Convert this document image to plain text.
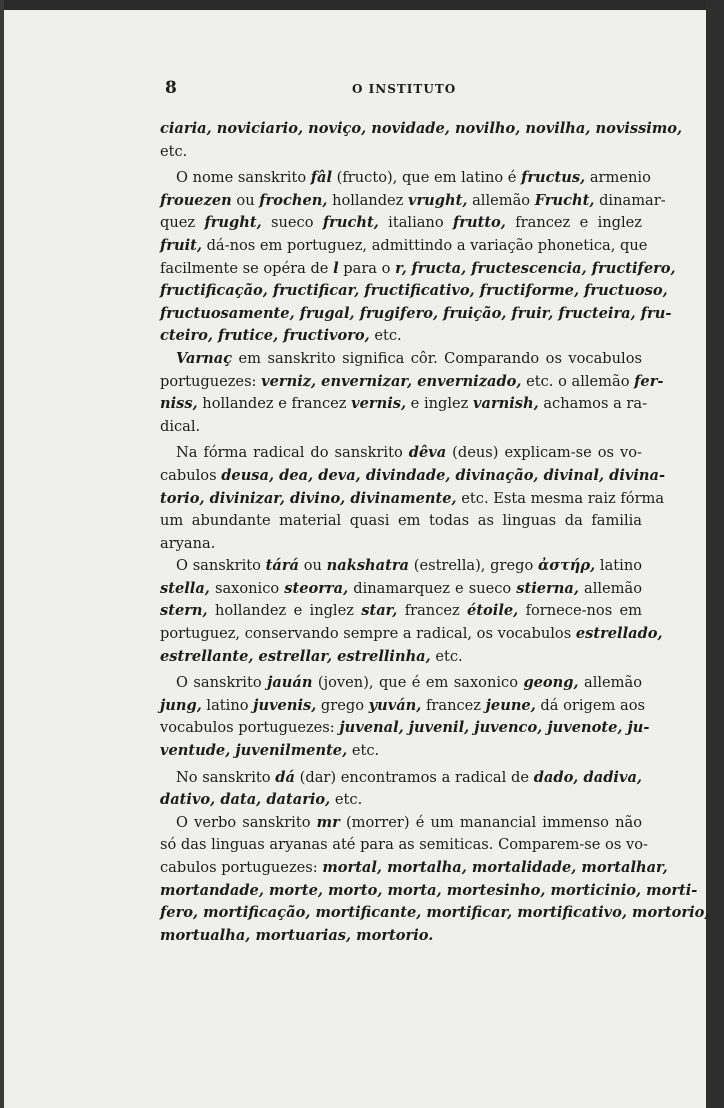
8	O INSTITUTO
ciaria, noviciario, noviço, novidade, novilho, novilha, novissimo,
etc.
O nome sanskrito fâl (fructo), que em latino é fructus, armenio
frouezen ou frochen, hollandez vrught, allemão Frucht, dinamar-
quez frught, sueco frucht, italiano frutto, francez e inglez
fruit, dá-nos em portuguez, admittindo a variação phonetica, que
facilmente se opéra de l para o r, fructa, fructescencia, fructifero,
fructificação, fructificar, fructificativo, fructiforme, fructuoso,
fructuosamente, frugal, frugifero, fruição, fruir, fructeira, fru-
cteiro, frutice, fructivoro, etc.
Varnaç em sanskrito significa côr. Comparando os vocabulos
portuguezes: verniz, envernizar, envernizado, etc. o allemão fer-
niss, hollandez e francez vernis, e inglez varnish, achamos a ra-
dical.
Na fórma radical do sanskrito dêva (deus) explicam-se os vo-
cabulos deusa, dea, deva, divindade, divinação, divinal, divina-
torio, divinizar, divino, divinamente, etc. Esta mesma raiz fórma
um abundante material quasi em todas as linguas da familia
aryana.
O sanskrito tárá ou nakshatra (estrella), grego ἀστήρ, latino
stella, saxonico steorra, dinamarquez e sueco stierna, allemão
stern, hollandez e inglez star, francez étoile, fornece-nos em
portuguez, conservando sempre a radical, os vocabulos estrellado,
estrellante, estrellar, estrellinha, etc.
O sanskrito jauán (joven), que é em saxonico geong, allemão
jung, latino juvenis, grego yuván, francez jeune, dá origem aos
vocabulos portuguezes: juvenal, juvenil, juvenco, juvenote, ju-
ventude, juvenilmente, etc.
No sanskrito dá (dar) encontramos a radical de dado, dadiva,
dativo, data, datario, etc.
O verbo sanskrito mr (morrer) é um manancial immenso não
só das linguas aryanas até para as semiticas. Comparem-se os vo-
cabulos portuguezes: mortal, mortalha, mortalidade, mortalhar,
mortandade, morte, morto, morta, mortesinho, morticinio, morti-
fero, mortificação, mortificante, mortificar, mortificativo, mortorio,
mortualha, mortuarias, mortorio.
